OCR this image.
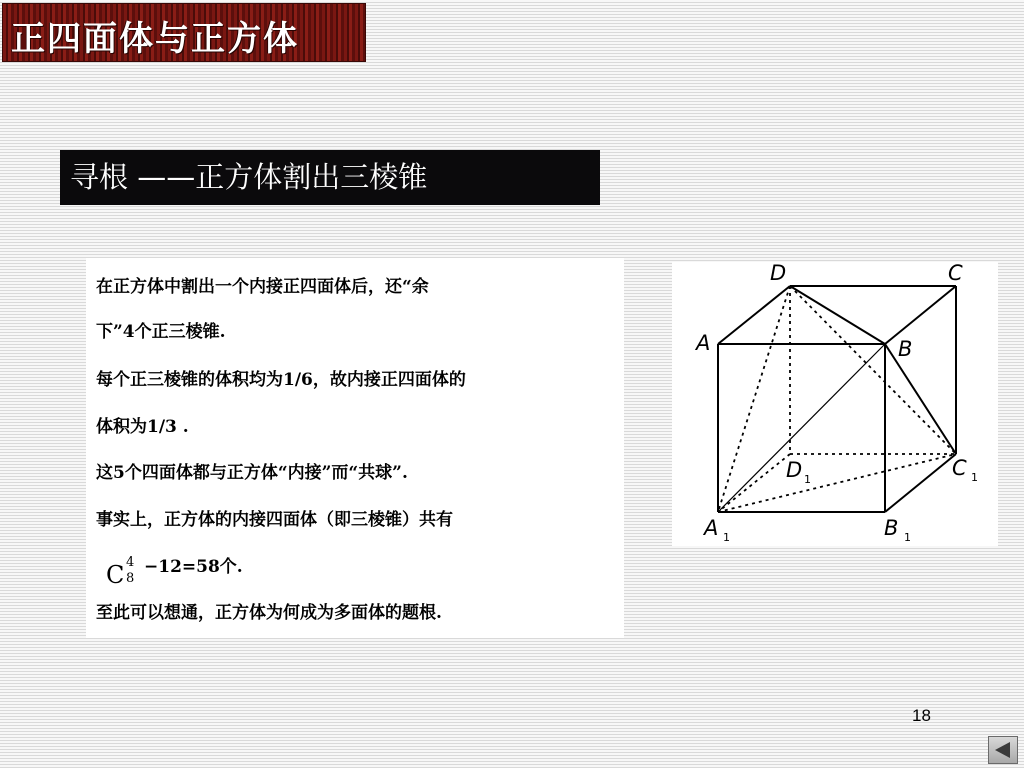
正四面体与正方体
寻根 ——正方体割出三棱锥
在正方体中割出一个内接正四面体后，还“余
下”4个正三棱锥.
每个正三棱锥的体积均为1/6，故内接正四面体的
体积为1/3 .
这5个四面体都与正方体“内接”而“共球”.
事实上，正方体的内接四面体（即三棱锥）共有
C 4
8
−12=58个.
至此可以想通，正方体为何成为多面体的题根.
D	C
A	B
D 1	C 1
A 1	B 1
18
